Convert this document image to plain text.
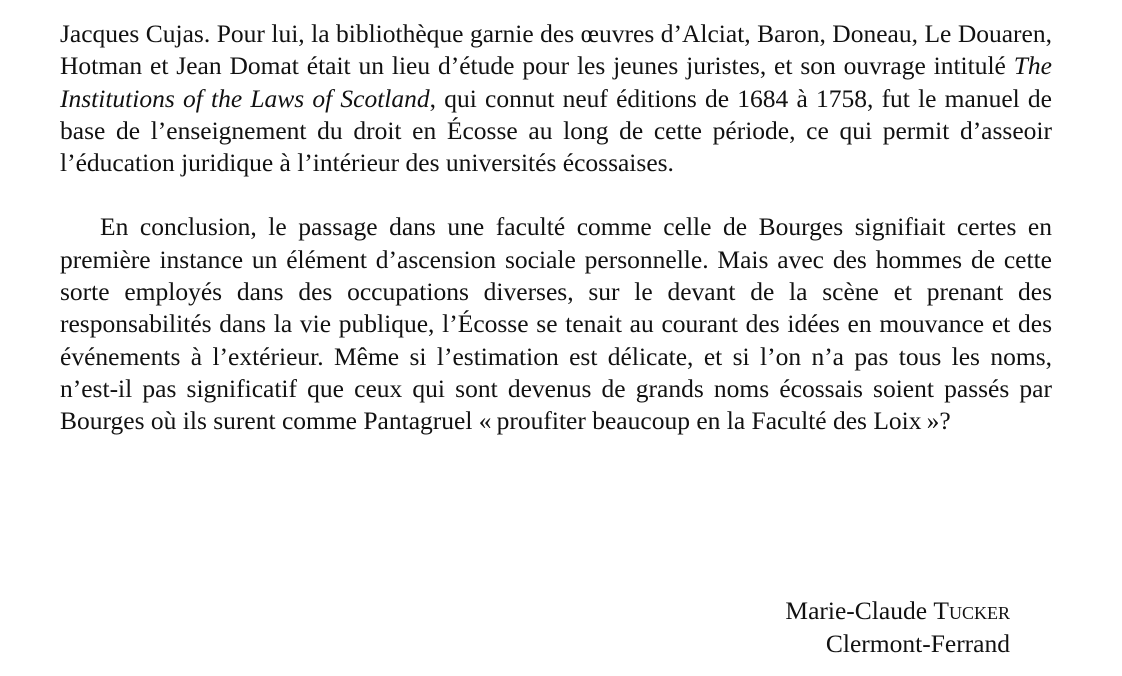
Jacques Cujas. Pour lui, la bibliothèque garnie des œuvres d’Alciat, Baron, Doneau, Le Douaren, Hotman et Jean Domat était un lieu d’étude pour les jeunes juristes, et son ouvrage intitulé The Institutions of the Laws of Scotland, qui connut neuf éditions de 1684 à 1758, fut le manuel de base de l’enseignement du droit en Écosse au long de cette période, ce qui permit d’asseoir l’éducation juridique à l’intérieur des universités écossaises.

En conclusion, le passage dans une faculté comme celle de Bourges signifiait certes en première instance un élément d’ascension sociale personnelle. Mais avec des hommes de cette sorte employés dans des occupations diverses, sur le devant de la scène et prenant des responsabilités dans la vie publique, l’Écosse se tenait au courant des idées en mouvance et des événements à l’extérieur. Même si l’estimation est délicate, et si l’on n’a pas tous les noms, n’est-il pas significatif que ceux qui sont devenus de grands noms écossais soient passés par Bourges où ils surent comme Pantagruel « proufiter beaucoup en la Faculté des Loix »?

Marie-Claude Tucker
Clermont-Ferrand
